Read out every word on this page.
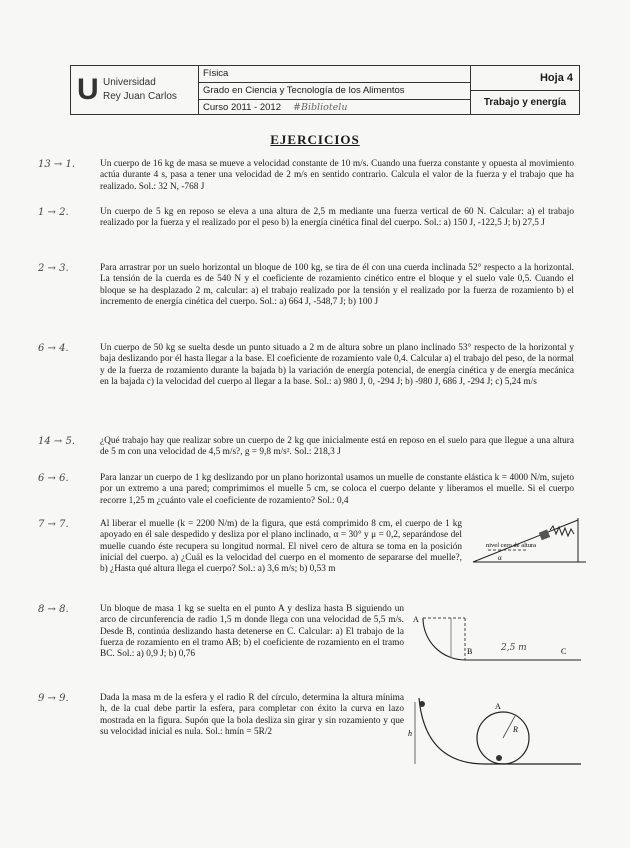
U Universidad
Rey Juan Carlos
Física
Grado en Ciencia y Tecnología de los Alimentos
Curso 2011 - 2012 #Bibliotelu
Hoja 4
Trabajo y energía
EJERCICIOS
13 → 1.	Un cuerpo de 16 kg de masa se mueve a velocidad constante de 10 m/s. Cuando una fuerza constante y opuesta al movimiento actúa durante 4 s, pasa a tener una velocidad de 2 m/s en sentido contrario. Calcula el valor de la fuerza y el trabajo que ha realizado. Sol.: 32 N, -768 J
1 → 2.	Un cuerpo de 5 kg en reposo se eleva a una altura de 2,5 m mediante una fuerza vertical de 60 N. Calcular: a) el trabajo realizado por la fuerza y el realizado por el peso b) la energía cinética final del cuerpo. Sol.: a) 150 J, -122,5 J; b) 27,5 J
2 → 3.	Para arrastrar por un suelo horizontal un bloque de 100 kg, se tira de él con una cuerda inclinada 52° respecto a la horizontal. La tensión de la cuerda es de 540 N y el coeficiente de rozamiento cinético entre el bloque y el suelo vale 0,5. Cuando el bloque se ha desplazado 2 m, calcular: a) el trabajo realizado por la tensión y el realizado por la fuerza de rozamiento b) el incremento de energía cinética del cuerpo. Sol.: a) 664 J, -548,7 J; b) 100 J
6 → 4.	Un cuerpo de 50 kg se suelta desde un punto situado a 2 m de altura sobre un plano inclinado 53° respecto de la horizontal y baja deslizando por él hasta llegar a la base. El coeficiente de rozamiento vale 0,4. Calcular a) el trabajo del peso, de la normal y de la fuerza de rozamiento durante la bajada b) la variación de energía potencial, de energía cinética y de energía mecánica en la bajada c) la velocidad del cuerpo al llegar a la base. Sol.: a) 980 J, 0, -294 J; b) -980 J, 686 J, -294 J; c) 5,24 m/s
14 → 5.	¿Qué trabajo hay que realizar sobre un cuerpo de 2 kg que inicialmente está en reposo en el suelo para que llegue a una altura de 5 m con una velocidad de 4,5 m/s?, g = 9,8 m/s². Sol.: 218,3 J
6 → 6.	Para lanzar un cuerpo de 1 kg deslizando por un plano horizontal usamos un muelle de constante elástica k = 4000 N/m, sujeto por un extremo a una pared; comprimimos el muelle 5 cm, se coloca el cuerpo delante y liberamos el muelle. Si el cuerpo recorre 1,25 m ¿cuánto vale el coeficiente de rozamiento? Sol.: 0,4
7 → 7.	Al liberar el muelle (k = 2200 N/m) de la figura, que está comprimido 8 cm, el cuerpo de 1 kg apoyado en él sale despedido y desliza por el plano inclinado, α = 30° y μ = 0,2, separándose del muelle cuando éste recupera su longitud normal. El nivel cero de altura se toma en la posición inicial del cuerpo. a) ¿Cuál es la velocidad del cuerpo en el momento de separarse del muelle?, b) ¿Hasta qué altura llega el cuerpo? Sol.: a) 3,6 m/s; b) 0,53 m
8 → 8.	Un bloque de masa 1 kg se suelta en el punto A y desliza hasta B siguiendo un arco de circunferencia de radio 1,5 m donde llega con una velocidad de 5,5 m/s. Desde B, continúa deslizando hasta detenerse en C. Calcular: a) El trabajo de la fuerza de rozamiento en el tramo AB; b) el coeficiente de rozamiento en el tramo BC. Sol.: a) 0,9 J; b) 0,76
9 → 9.	Dada la masa m de la esfera y el radio R del círculo, determina la altura mínima h, de la cual debe partir la esfera, para completar con éxito la curva en lazo mostrada en la figura. Supón que la bola desliza sin girar y sin rozamiento y que su velocidad inicial es nula. Sol.: hmín = 5R/2
nivel cero de altura
α
A
B	C
2,5 m
h
A
R
